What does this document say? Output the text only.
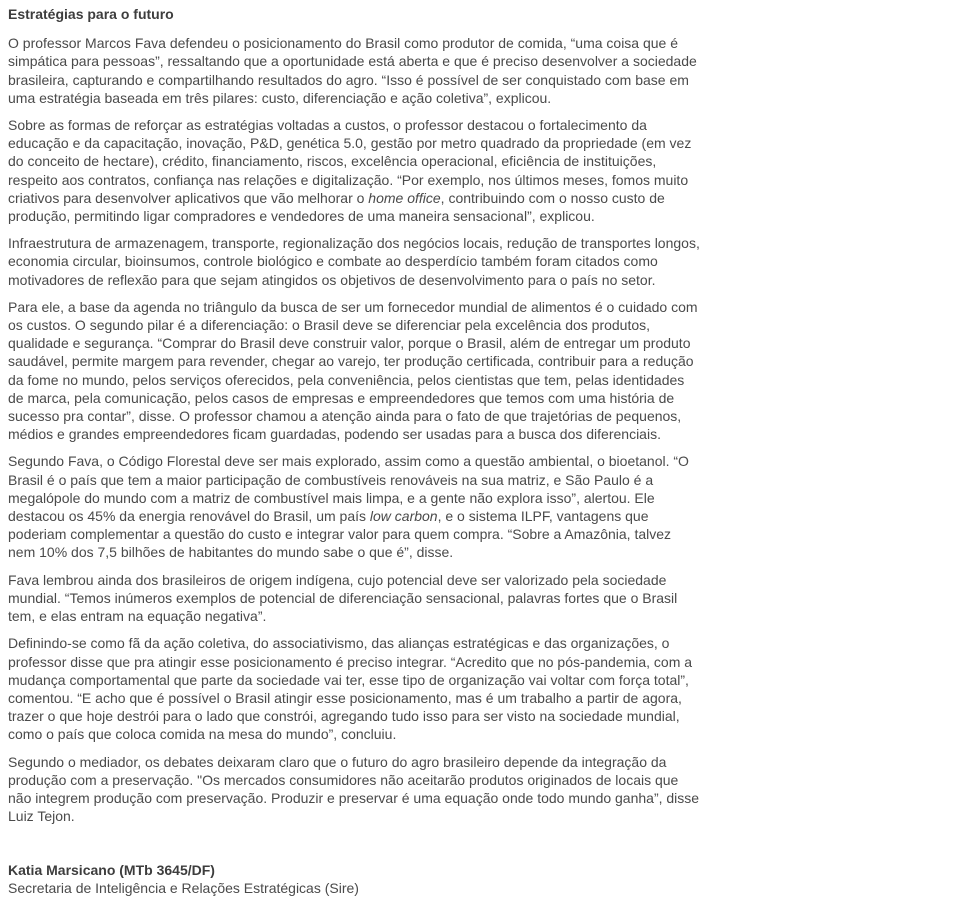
Estratégias para o futuro

O professor Marcos Fava defendeu o posicionamento do Brasil como produtor de comida, “uma coisa que é simpática para pessoas”, ressaltando que a oportunidade está aberta e que é preciso desenvolver a sociedade brasileira, capturando e compartilhando resultados do agro. “Isso é possível de ser conquistado com base em uma estratégia baseada em três pilares: custo, diferenciação e ação coletiva”, explicou.

Sobre as formas de reforçar as estratégias voltadas a custos, o professor destacou o fortalecimento da educação e da capacitação, inovação, P&D, genética 5.0, gestão por metro quadrado da propriedade (em vez do conceito de hectare), crédito, financiamento, riscos, excelência operacional, eficiência de instituições, respeito aos contratos, confiança nas relações e digitalização. “Por exemplo, nos últimos meses, fomos muito criativos para desenvolver aplicativos que vão melhorar o home office, contribuindo com o nosso custo de produção, permitindo ligar compradores e vendedores de uma maneira sensacional”, explicou.

Infraestrutura de armazenagem, transporte, regionalização dos negócios locais, redução de transportes longos, economia circular, bioinsumos, controle biológico e combate ao desperdício também foram citados como motivadores de reflexão para que sejam atingidos os objetivos de desenvolvimento para o país no setor.

Para ele, a base da agenda no triângulo da busca de ser um fornecedor mundial de alimentos é o cuidado com os custos. O segundo pilar é a diferenciação: o Brasil deve se diferenciar pela excelência dos produtos, qualidade e segurança. “Comprar do Brasil deve construir valor, porque o Brasil, além de entregar um produto saudável, permite margem para revender, chegar ao varejo, ter produção certificada, contribuir para a redução da fome no mundo, pelos serviços oferecidos, pela conveniência, pelos cientistas que tem, pelas identidades de marca, pela comunicação, pelos casos de empresas e empreendedores que temos com uma história de sucesso pra contar”, disse. O professor chamou a atenção ainda para o fato de que trajetórias de pequenos, médios e grandes empreendedores ficam guardadas, podendo ser usadas para a busca dos diferenciais.

Segundo Fava, o Código Florestal deve ser mais explorado, assim como a questão ambiental, o bioetanol. “O Brasil é o país que tem a maior participação de combustíveis renováveis na sua matriz, e São Paulo é a megalópole do mundo com a matriz de combustível mais limpa, e a gente não explora isso”, alertou. Ele destacou os 45% da energia renovável do Brasil, um país low carbon, e o sistema ILPF, vantagens que poderiam complementar a questão do custo e integrar valor para quem compra. “Sobre a Amazônia, talvez nem 10% dos 7,5 bilhões de habitantes do mundo sabe o que é”, disse.

Fava lembrou ainda dos brasileiros de origem indígena, cujo potencial deve ser valorizado pela sociedade mundial. “Temos inúmeros exemplos de potencial de diferenciação sensacional, palavras fortes que o Brasil tem, e elas entram na equação negativa”.

Definindo-se como fã da ação coletiva, do associativismo, das alianças estratégicas e das organizações, o professor disse que pra atingir esse posicionamento é preciso integrar. “Acredito que no pós-pandemia, com a mudança comportamental que parte da sociedade vai ter, esse tipo de organização vai voltar com força total”, comentou. “E acho que é possível o Brasil atingir esse posicionamento, mas é um trabalho a partir de agora, trazer o que hoje destrói para o lado que constrói, agregando tudo isso para ser visto na sociedade mundial, como o país que coloca comida na mesa do mundo”, concluiu.

Segundo o mediador, os debates deixaram claro que o futuro do agro brasileiro depende da integração da produção com a preservação. "Os mercados consumidores não aceitarão produtos originados de locais que não integrem produção com preservação. Produzir e preservar é uma equação onde todo mundo ganha”, disse Luiz Tejon.

Katia Marsicano (MTb 3645/DF)
Secretaria de Inteligência e Relações Estratégicas (Sire)
